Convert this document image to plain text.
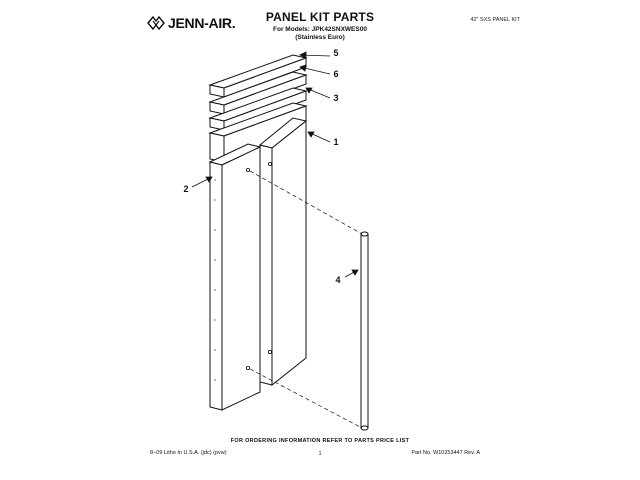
JENN-AIR.	PANEL KIT PARTS
For Models: JPK42SNXWES00
(Stainless Euro)
42" SXS PANEL KIT
5
6
3
1
2
4
FOR ORDERING INFORMATION REFER TO PARTS PRICE LIST
8−09 Litho In U.S.A. (jdc) (pvw)	1	Part No. W10253447 Rev. A
